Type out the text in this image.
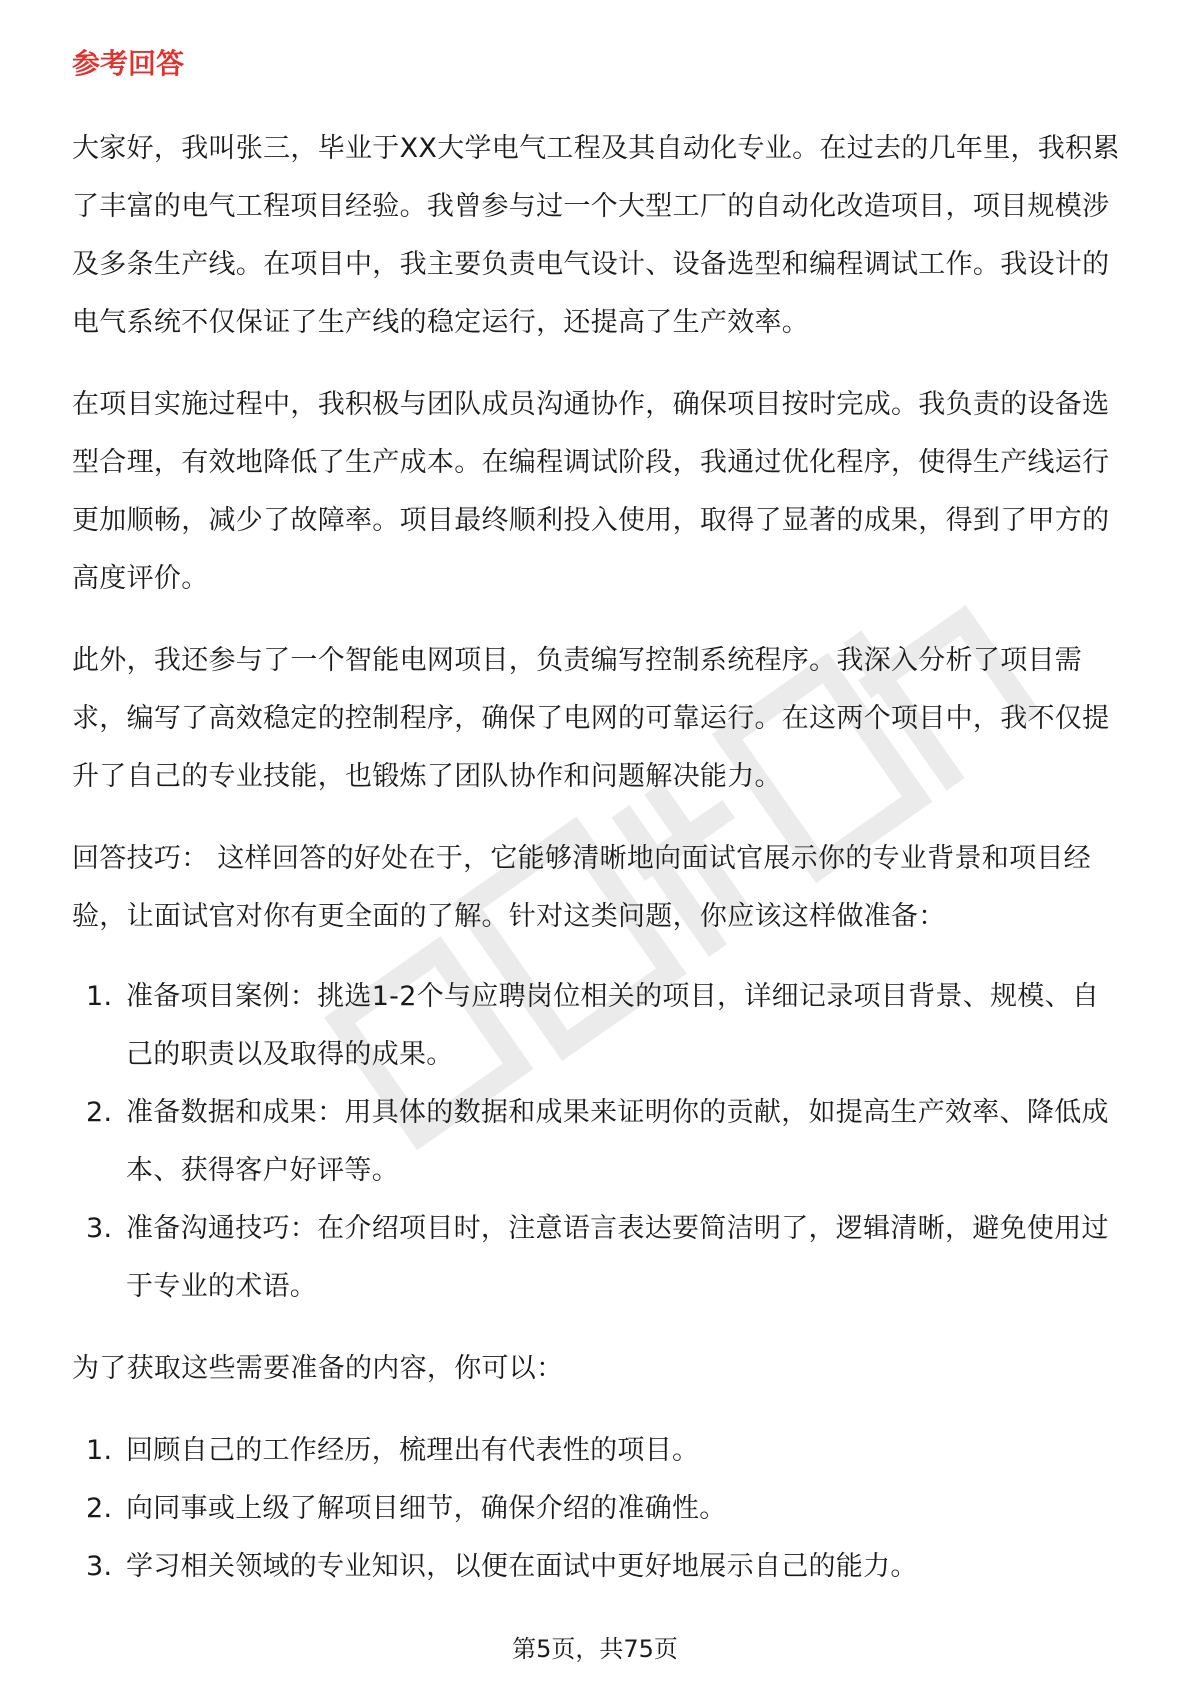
参考回答

大家好，我叫张三，毕业于XX大学电气工程及其自动化专业。在过去的几年里，我积累了丰富的电气工程项目经验。我曾参与过一个大型工厂的自动化改造项目，项目规模涉及多条生产线。在项目中，我主要负责电气设计、设备选型和编程调试工作。我设计的电气系统不仅保证了生产线的稳定运行，还提高了生产效率。

在项目实施过程中，我积极与团队成员沟通协作，确保项目按时完成。我负责的设备选型合理，有效地降低了生产成本。在编程调试阶段，我通过优化程序，使得生产线运行更加顺畅，减少了故障率。项目最终顺利投入使用，取得了显著的成果，得到了甲方的高度评价。

此外，我还参与了一个智能电网项目，负责编写控制系统程序。我深入分析了项目需求，编写了高效稳定的控制程序，确保了电网的可靠运行。在这两个项目中，我不仅提升了自己的专业技能，也锻炼了团队协作和问题解决能力。

回答技巧： 这样回答的好处在于，它能够清晰地向面试官展示你的专业背景和项目经验，让面试官对你有更全面的了解。针对这类问题，你应该这样做准备：

1. 准备项目案例：挑选1-2个与应聘岗位相关的项目，详细记录项目背景、规模、自己的职责以及取得的成果。
2. 准备数据和成果：用具体的数据和成果来证明你的贡献，如提高生产效率、降低成本、获得客户好评等。
3. 准备沟通技巧：在介绍项目时，注意语言表达要简洁明了，逻辑清晰，避免使用过于专业的术语。

为了获取这些需要准备的内容，你可以：

1. 回顾自己的工作经历，梳理出有代表性的项目。
2. 向同事或上级了解项目细节，确保介绍的准确性。
3. 学习相关领域的专业知识，以便在面试中更好地展示自己的能力。
第5页，共75页
